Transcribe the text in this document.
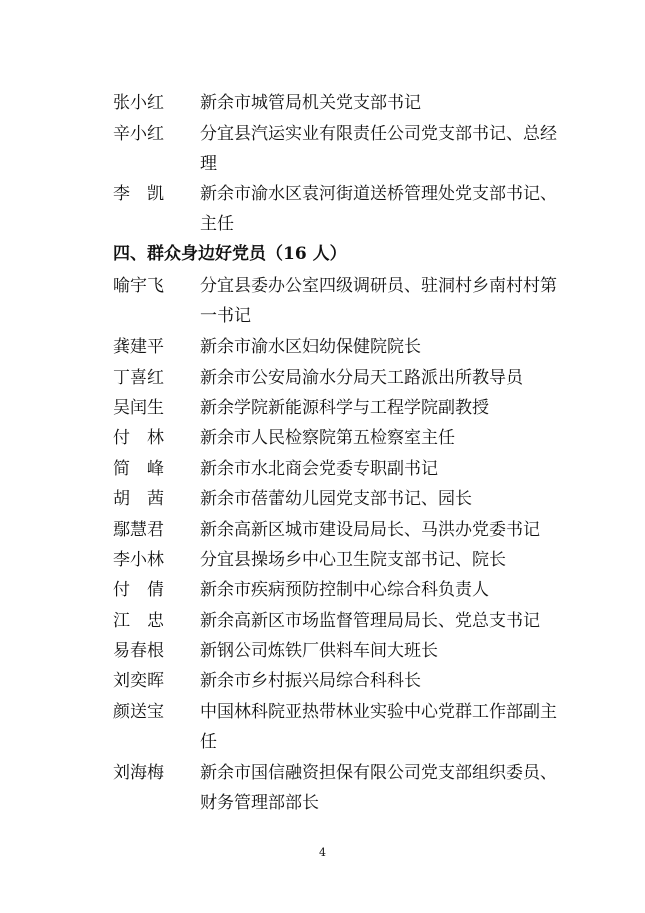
张小红	新余市城管局机关党支部书记
辛小红	分宜县汽运实业有限责任公司党支部书记、总经理
李　凯	新余市渝水区袁河街道送桥管理处党支部书记、主任
四、群众身边好党员（16 人）
喻宇飞	分宜县委办公室四级调研员、驻洞村乡南村村第一书记
龚建平	新余市渝水区妇幼保健院院长
丁喜红	新余市公安局渝水分局天工路派出所教导员
吴闰生	新余学院新能源科学与工程学院副教授
付　林	新余市人民检察院第五检察室主任
简　峰	新余市水北商会党委专职副书记
胡　茜	新余市蓓蕾幼儿园党支部书记、园长
鄢慧君	新余高新区城市建设局局长、马洪办党委书记
李小林	分宜县操场乡中心卫生院支部书记、院长
付　倩	新余市疾病预防控制中心综合科负责人
江　忠	新余高新区市场监督管理局局长、党总支书记
易春根	新钢公司炼铁厂供料车间大班长
刘奕晖	新余市乡村振兴局综合科科长
颜送宝	中国林科院亚热带林业实验中心党群工作部副主任
刘海梅	新余市国信融资担保有限公司党支部组织委员、财务管理部部长
4
